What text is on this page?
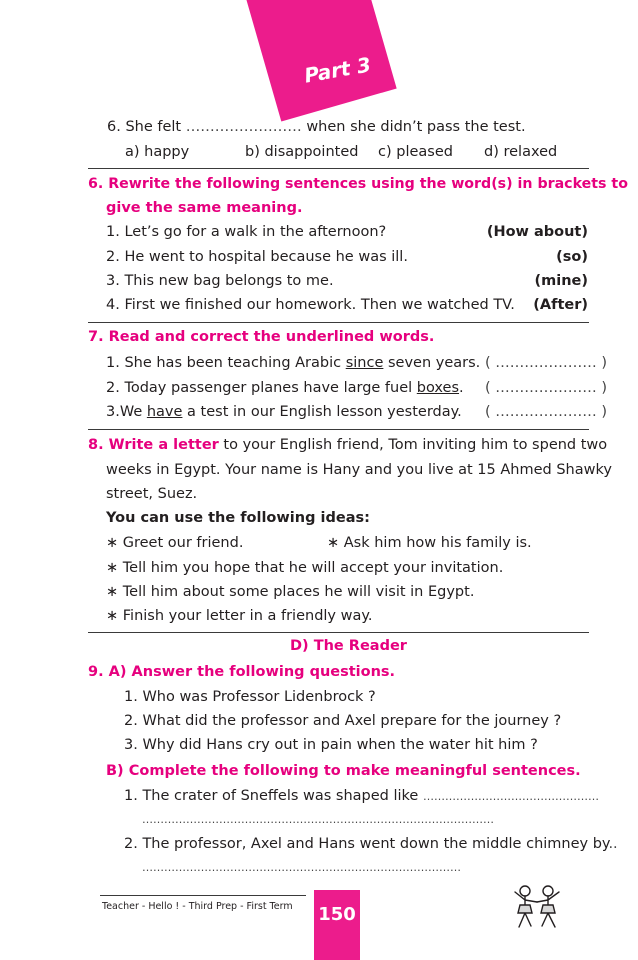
Part 3
6. She felt …………………… when she didn’t pass the test.
a) happy	b) disappointed c) pleased d) relaxed
6. Rewrite the following sentences using the word(s) in brackets to
give the same meaning.
1. Let’s go for a walk in the afternoon?	(How about)
2. He went to hospital because he was ill.	(so)
3. This new bag belongs to me.	(mine)
4. First we finished our homework. Then we watched TV. (After)
7. Read and correct the underlined words.
1. She has been teaching Arabic since seven years. ( ………………… )
2. Today passenger planes have large fuel boxes. ( ………………… )
3.We have a test in our English lesson yesterday. ( ………………… )
8. Write a letter to your English friend, Tom inviting him to spend two
weeks in Egypt. Your name is Hany and you live at 15 Ahmed Shawky
street, Suez.
You can use the following ideas:
∗ Greet our friend.	∗ Ask him how his family is.
∗ Tell him you hope that he will accept your invitation.
∗ Tell him about some places he will visit in Egypt.
∗ Finish your letter in a friendly way.
D) The Reader
9. A) Answer the following questions.
1. Who was Professor Lidenbrock ?
2. What did the professor and Axel prepare for the journey ?
3. Why did Hans cry out in pain when the water hit him ?
B) Complete the following to make meaningful sentences.
1. The crater of Sneffels was shaped like …………………………………………
……………………………………………………………………………………
2. The professor, Axel and Hans went down the middle chimney by..
……………………………………………………………………………
Teacher - Hello ! - Third Prep - First Term 150
